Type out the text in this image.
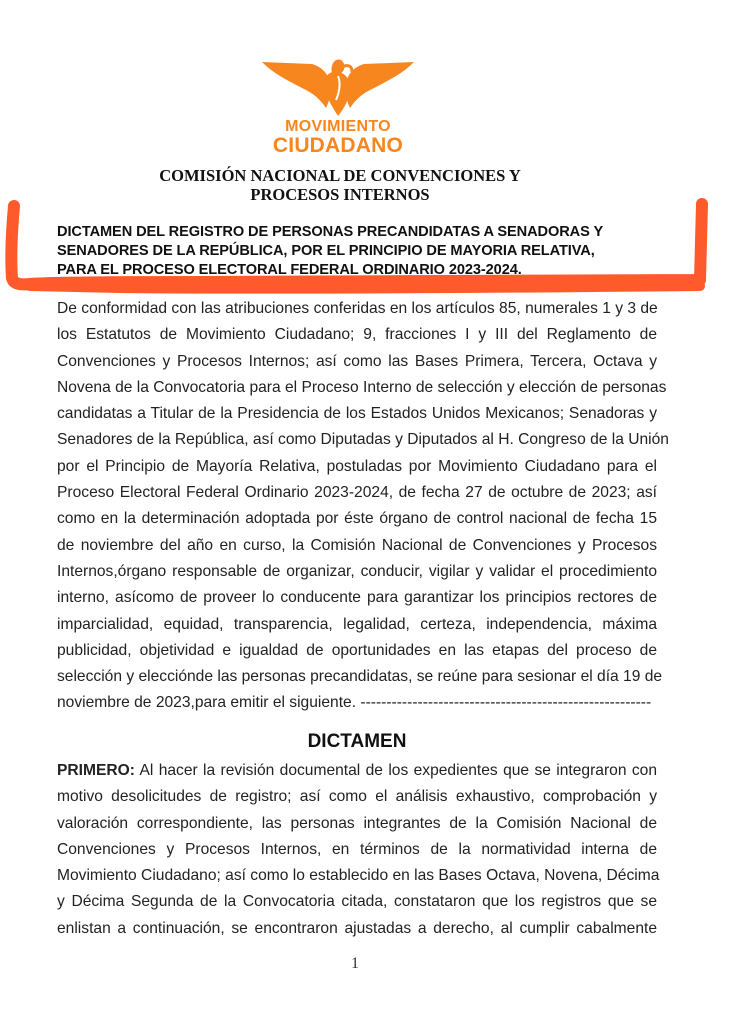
MOVIMIENTO
CIUDADANO
COMISIÓN NACIONAL DE CONVENCIONES Y
PROCESOS INTERNOS
DICTAMEN DEL REGISTRO DE PERSONAS PRECANDIDATAS A SENADORAS Y
SENADORES DE LA REPÚBLICA, POR EL PRINCIPIO DE MAYORIA RELATIVA,
PARA EL PROCESO ELECTORAL FEDERAL ORDINARIO 2023-2024.
De conformidad con las atribuciones conferidas en los artículos 85, numerales 1 y 3 de
los Estatutos de Movimiento Ciudadano; 9, fracciones I y III del Reglamento de
Convenciones y Procesos Internos; así como las Bases Primera, Tercera, Octava y
Novena de la Convocatoria para el Proceso Interno de selección y elección de personas
candidatas a Titular de la Presidencia de los Estados Unidos Mexicanos; Senadoras y
Senadores de la República, así como Diputadas y Diputados al H. Congreso de la Unión
por el Principio de Mayoría Relativa, postuladas por Movimiento Ciudadano para el
Proceso Electoral Federal Ordinario 2023-2024, de fecha 27 de octubre de 2023; así
como en la determinación adoptada por éste órgano de control nacional de fecha 15
de noviembre del año en curso, la Comisión Nacional de Convenciones y Procesos
Internos,órgano responsable de organizar, conducir, vigilar y validar el procedimiento
interno, asícomo de proveer lo conducente para garantizar los principios rectores de
imparcialidad, equidad, transparencia, legalidad, certeza, independencia, máxima
publicidad, objetividad e igualdad de oportunidades en las etapas del proceso de
selección y elecciónde las personas precandidatas, se reúne para sesionar el día 19 de
noviembre de 2023,para emitir el siguiente. --------------------------------------------------------
DICTAMEN
PRIMERO: Al hacer la revisión documental de los expedientes que se integraron con
motivo desolicitudes de registro; así como el análisis exhaustivo, comprobación y
valoración correspondiente, las personas integrantes de la Comisión Nacional de
Convenciones y Procesos Internos, en términos de la normatividad interna de
Movimiento Ciudadano; así como lo establecido en las Bases Octava, Novena, Décima
y Décima Segunda de la Convocatoria citada, constataron que los registros que se
enlistan a continuación, se encontraron ajustadas a derecho, al cumplir cabalmente
1
